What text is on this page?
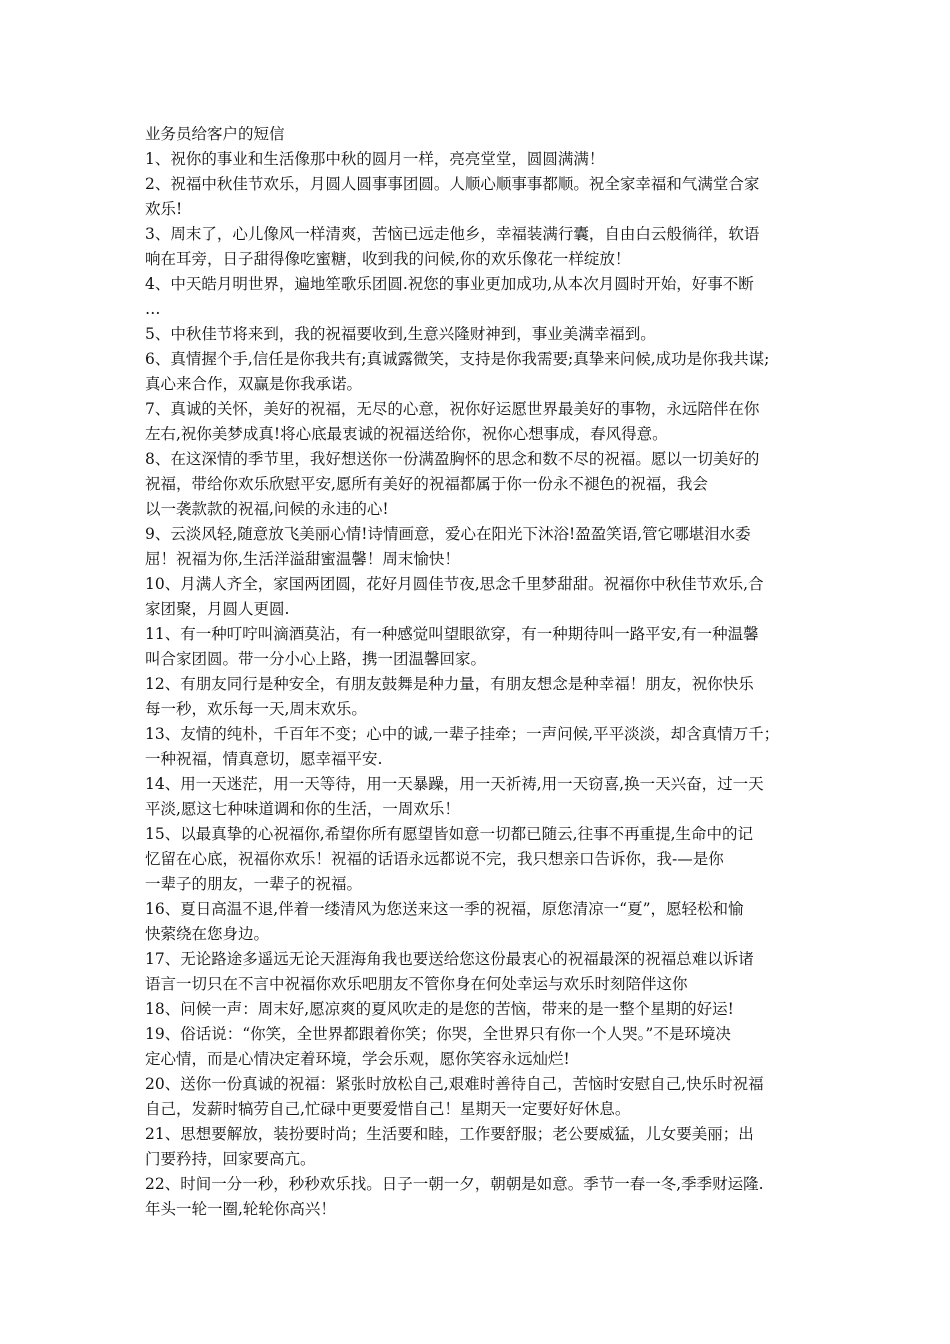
业务员给客户的短信
1、祝你的事业和生活像那中秋的圆月一样，亮亮堂堂，圆圆满满！
2、祝福中秋佳节欢乐，月圆人圆事事团圆。人顺心顺事事都顺。祝全家幸福和气满堂合家
欢乐!
3、周末了，心儿像风一样清爽，苦恼已远走他乡，幸福装满行囊，自由白云般徜徉，软语
响在耳旁，日子甜得像吃蜜糖，收到我的问候,你的欢乐像花一样绽放！
4、中天皓月明世界，遍地笙歌乐团圆.祝您的事业更加成功,从本次月圆时开始，好事不断
…
5、中秋佳节将来到，我的祝福要收到,生意兴隆财神到，事业美满幸福到。
6、真情握个手,信任是你我共有;真诚露微笑，支持是你我需要;真挚来问候,成功是你我共谋;
真心来合作，双赢是你我承诺。
7、真诚的关怀，美好的祝福，无尽的心意，祝你好运愿世界最美好的事物，永远陪伴在你
左右,祝你美梦成真!将心底最衷诚的祝福送给你，祝你心想事成，春风得意。
8、在这深情的季节里，我好想送你一份满盈胸怀的思念和数不尽的祝福。愿以一切美好的
祝福，带给你欢乐欣慰平安,愿所有美好的祝福都属于你一份永不褪色的祝福，我会
以一袭款款的祝福,问候的永违的心!
9、云淡风轻,随意放飞美丽心情!诗情画意，爱心在阳光下沐浴!盈盈笑语,管它哪堪泪水委
屈！祝福为你,生活洋溢甜蜜温馨！周末愉快！
10、月满人齐全，家国两团圆，花好月圆佳节夜,思念千里梦甜甜。祝福你中秋佳节欢乐,合
家团聚，月圆人更圆.
11、有一种叮咛叫滴酒莫沾，有一种感觉叫望眼欲穿，有一种期待叫一路平安,有一种温馨
叫合家团圆。带一分小心上路，携一团温馨回家。
12、有朋友同行是种安全，有朋友鼓舞是种力量，有朋友想念是种幸福！朋友，祝你快乐
每一秒，欢乐每一天,周末欢乐。
13、友情的纯朴，千百年不变；心中的诚,一辈子挂牵；一声问候,平平淡淡，却含真情万千；
一种祝福，情真意切，愿幸福平安.
14、用一天迷茫，用一天等待，用一天暴躁，用一天祈祷,用一天窃喜,换一天兴奋，过一天
平淡,愿这七种味道调和你的生活，一周欢乐！
15、以最真挚的心祝福你,希望你所有愿望皆如意一切都已随云,往事不再重提,生命中的记
忆留在心底，祝福你欢乐！祝福的话语永远都说不完，我只想亲口告诉你，我-—是你
一辈子的朋友，一辈子的祝福。
16、夏日高温不退,伴着一缕清风为您送来这一季的祝福，原您清凉一“夏”，愿轻松和愉
快萦绕在您身边。
17、无论路途多遥远无论天涯海角我也要送给您这份最衷心的祝福最深的祝福总难以诉诸
语言一切只在不言中祝福你欢乐吧朋友不管你身在何处幸运与欢乐时刻陪伴这你
18、问候一声：周末好,愿凉爽的夏风吹走的是您的苦恼，带来的是一整个星期的好运!
19、俗话说：“你笑，全世界都跟着你笑；你哭，全世界只有你一个人哭。”不是环境决
定心情，而是心情决定着环境，学会乐观，愿你笑容永远灿烂!
20、送你一份真诚的祝福：紧张时放松自己,艰难时善待自己，苦恼时安慰自己,快乐时祝福
自己，发薪时犒劳自己,忙碌中更要爱惜自己！星期天一定要好好休息。
21、思想要解放，装扮要时尚；生活要和睦，工作要舒服；老公要威猛，儿女要美丽；出
门要矜持，回家要高亢。
22、时间一分一秒，秒秒欢乐找。日子一朝一夕，朝朝是如意。季节一春一冬,季季财运隆.
年头一轮一圈,轮轮你高兴！
